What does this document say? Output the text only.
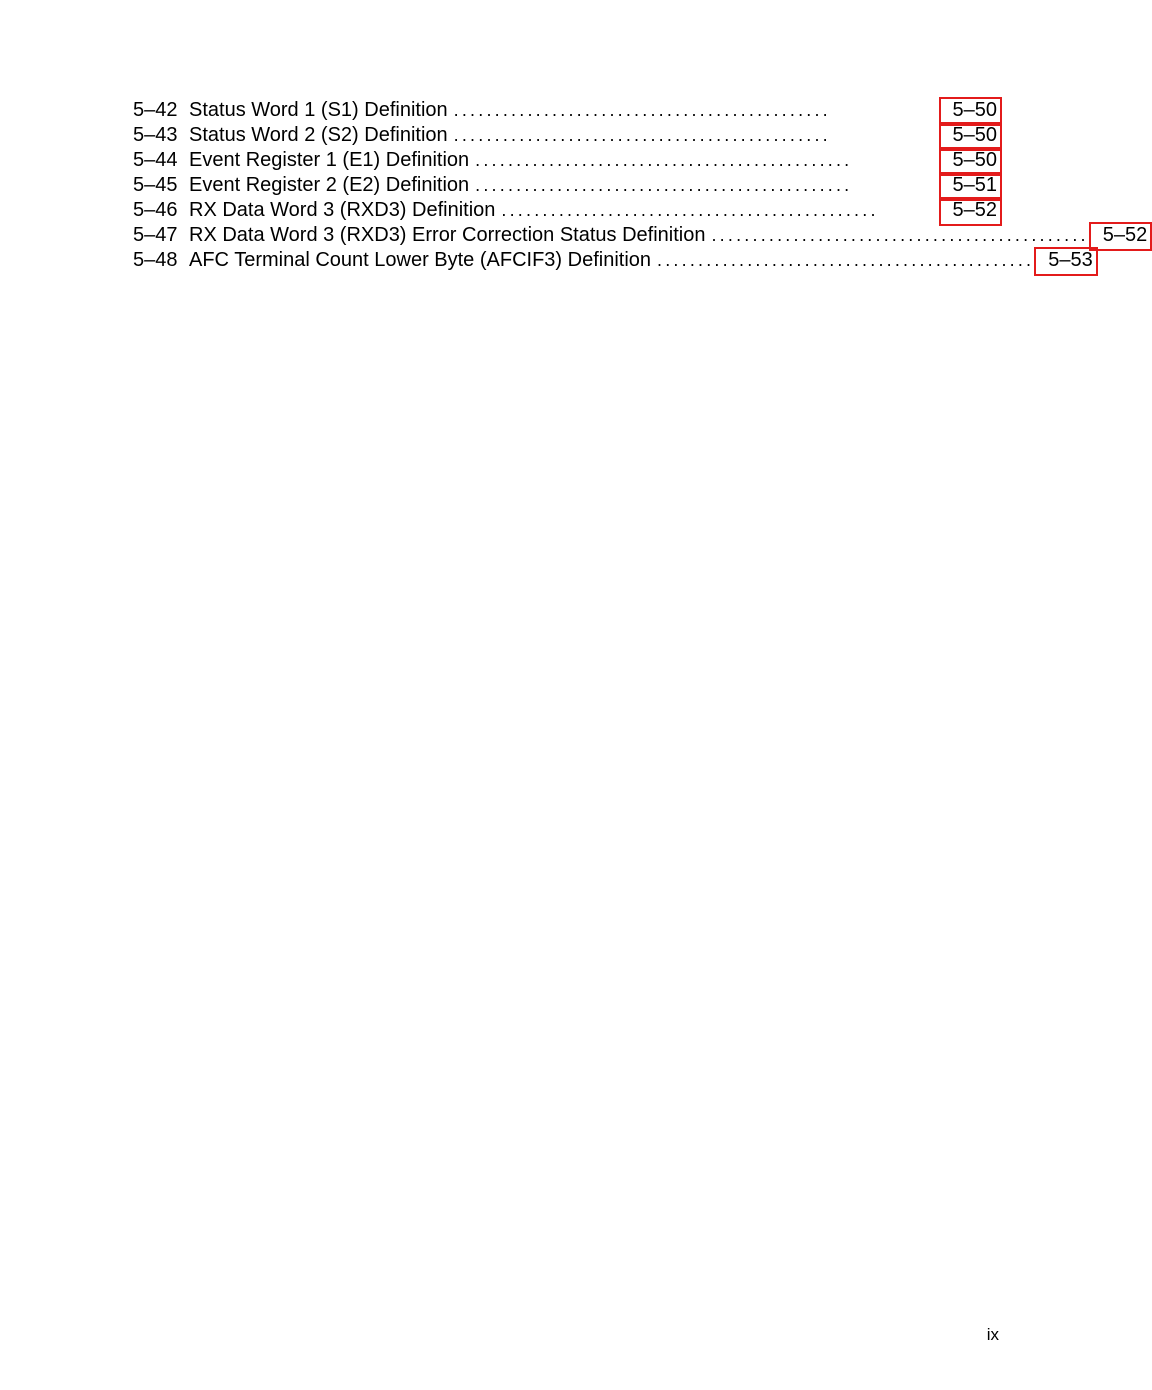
5–42 Status Word 1 (S1) Definition ..............................................	5–50
5–43 Status Word 2 (S2) Definition ..............................................	5–50
5–44 Event Register 1 (E1) Definition ..............................................	5–50
5–45 Event Register 2 (E2) Definition ..............................................	5–51
5–46 RX Data Word 3 (RXD3) Definition ..............................................	5–52
5–47 RX Data Word 3 (RXD3) Error Correction Status Definition .............................................. 5–52
5–48 AFC Terminal Count Lower Byte (AFCIF3) Definition .............................................. 5–53
ix
